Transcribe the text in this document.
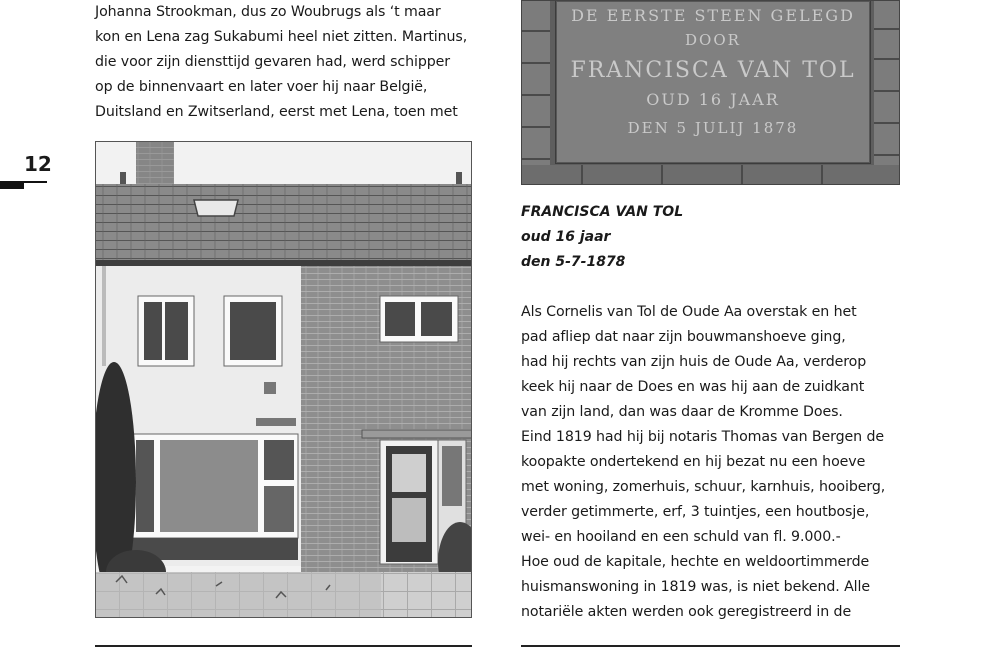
Johanna Strookman, dus zo Woubrugs als ‘t maar
kon en Lena zag Sukabumi heel niet zitten. Martinus,
die voor zijn diensttijd gevaren had, werd schipper
op de binnenvaart en later voer hij naar België,
Duitsland en Zwitserland, eerst met Lena, toen met
12
DE EERSTE STEEN GELEGD
DOOR
FRANCISCA VAN TOL
OUD 16 JAAR
DEN 5 JULIJ 1878
FRANCISCA VAN TOL
oud 16 jaar
den 5-7-1878
Als Cornelis van Tol de Oude Aa overstak en het
pad afliep dat naar zijn bouwmanshoeve ging,
had hij rechts van zijn huis de Oude Aa, verderop
keek hij naar de Does en was hij aan de zuidkant
van zijn land, dan was daar de Kromme Does.
Eind 1819 had hij bij notaris Thomas van Bergen de
koopakte ondertekend en hij bezat nu een hoeve
met woning, zomerhuis, schuur, karnhuis, hooiberg,
verder getimmerte, erf, 3 tuintjes, een houtbosje,
wei- en hooiland en een schuld van fl. 9.000.-
Hoe oud de kapitale, hechte en weldoortimmerde
huismanswoning in 1819 was, is niet bekend. Alle
notariële akten werden ook geregistreerd in de
